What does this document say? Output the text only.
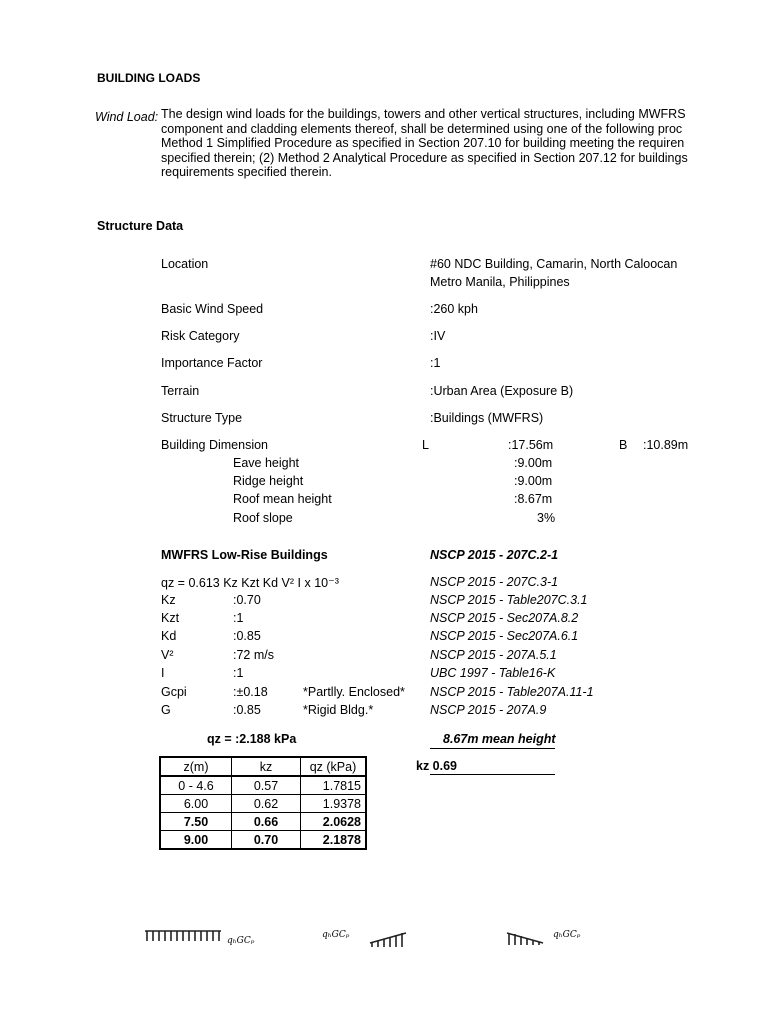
BUILDING LOADS
Wind Load: The design wind loads for the buildings, towers and other vertical structures, including MWFRS
component and cladding elements thereof, shall be determined using one of the following proc
Method 1 Simplified Procedure as specified in Section 207.10 for building meeting the requiren
specified therein; (2) Method 2 Analytical Procedure as specified in Section 207.12 for buildings
requirements specified therein.
Structure Data
Location	#60 NDC Building, Camarin, North Caloocan
Metro Manila, Philippines
Basic Wind Speed	:260 kph
Risk Category	:IV
Importance Factor	:1
Terrain	:Urban Area (Exposure B)
Structure Type	:Buildings (MWFRS)
Building Dimension	L	:17.56m	B :10.89m
Eave height	:9.00m
Ridge height	:9.00m
Roof mean height	:8.67m
Roof slope	3%
MWFRS Low-Rise Buildings	NSCP 2015 - 207C.2-1
qz = 0.613 Kz Kzt Kd V² I x 10⁻³	NSCP 2015 - 207C.3-1
Kz	:0.70	NSCP 2015 - Table207C.3.1
Kzt	:1	NSCP 2015 - Sec207A.8.2
Kd	:0.85	NSCP 2015 - Sec207A.6.1
V²	:72 m/s	NSCP 2015 - 207A.5.1
I	:1	UBC 1997 - Table16-K
Gcpi	:±0.18	*Partlly. Enclosed* NSCP 2015 - Table207A.11-1
G	:0.85	*Rigid Bldg.*	NSCP 2015 - 207A.9
qz = :2.188 kPa	8.67m mean height
kz 0.69
z(m)	kz	qz (kPa)
0 - 4.6	0.57	1.7815
6.00	0.62	1.9378
7.50	0.66	2.0628
9.00	0.70	2.1878
qₕGCₚ
qₕGCₚ	qₕGCₚ
